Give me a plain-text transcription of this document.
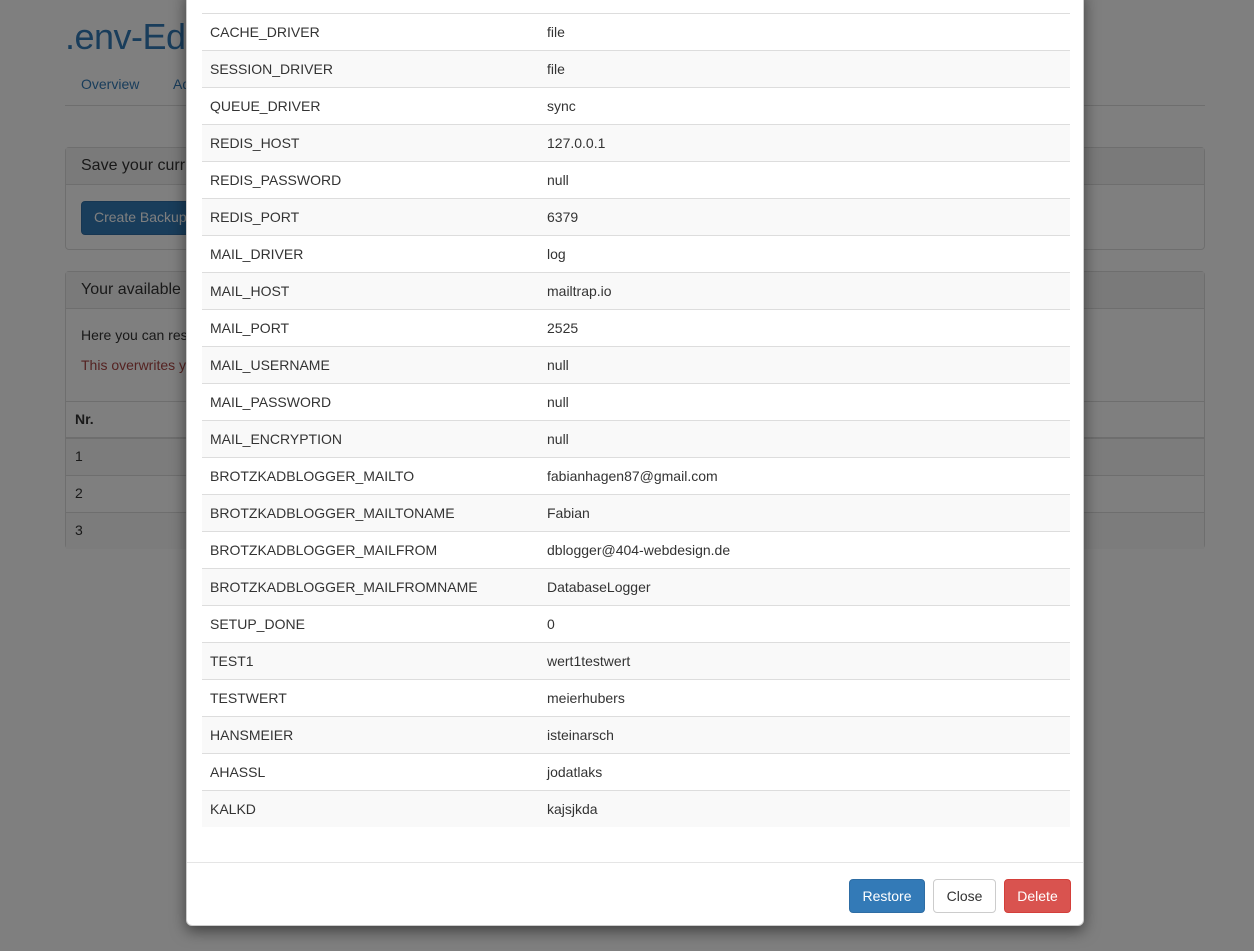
CACHE_DRIVER	file
SESSION_DRIVER	file
QUEUE_DRIVER	sync
REDIS_HOST	127.0.0.1
REDIS_PASSWORD	null
REDIS_PORT	6379
MAIL_DRIVER	log
MAIL_HOST	mailtrap.io
MAIL_PORT	2525
MAIL_USERNAME	null
MAIL_PASSWORD	null
MAIL_ENCRYPTION	null
BROTZKADBLOGGER_MAILTO	fabianhagen87@gmail.com
BROTZKADBLOGGER_MAILTONAME	Fabian
BROTZKADBLOGGER_MAILFROM	dblogger@404-webdesign.de
BROTZKADBLOGGER_MAILFROMNAME	DatabaseLogger
SETUP_DONE	0
TEST1	wert1testwert
TESTWERT	meierhubers
HANSMEIER	isteinarsch
AHASSL	jodatlaks
KALKD	kajsjkda
Restore	Close	Delete
